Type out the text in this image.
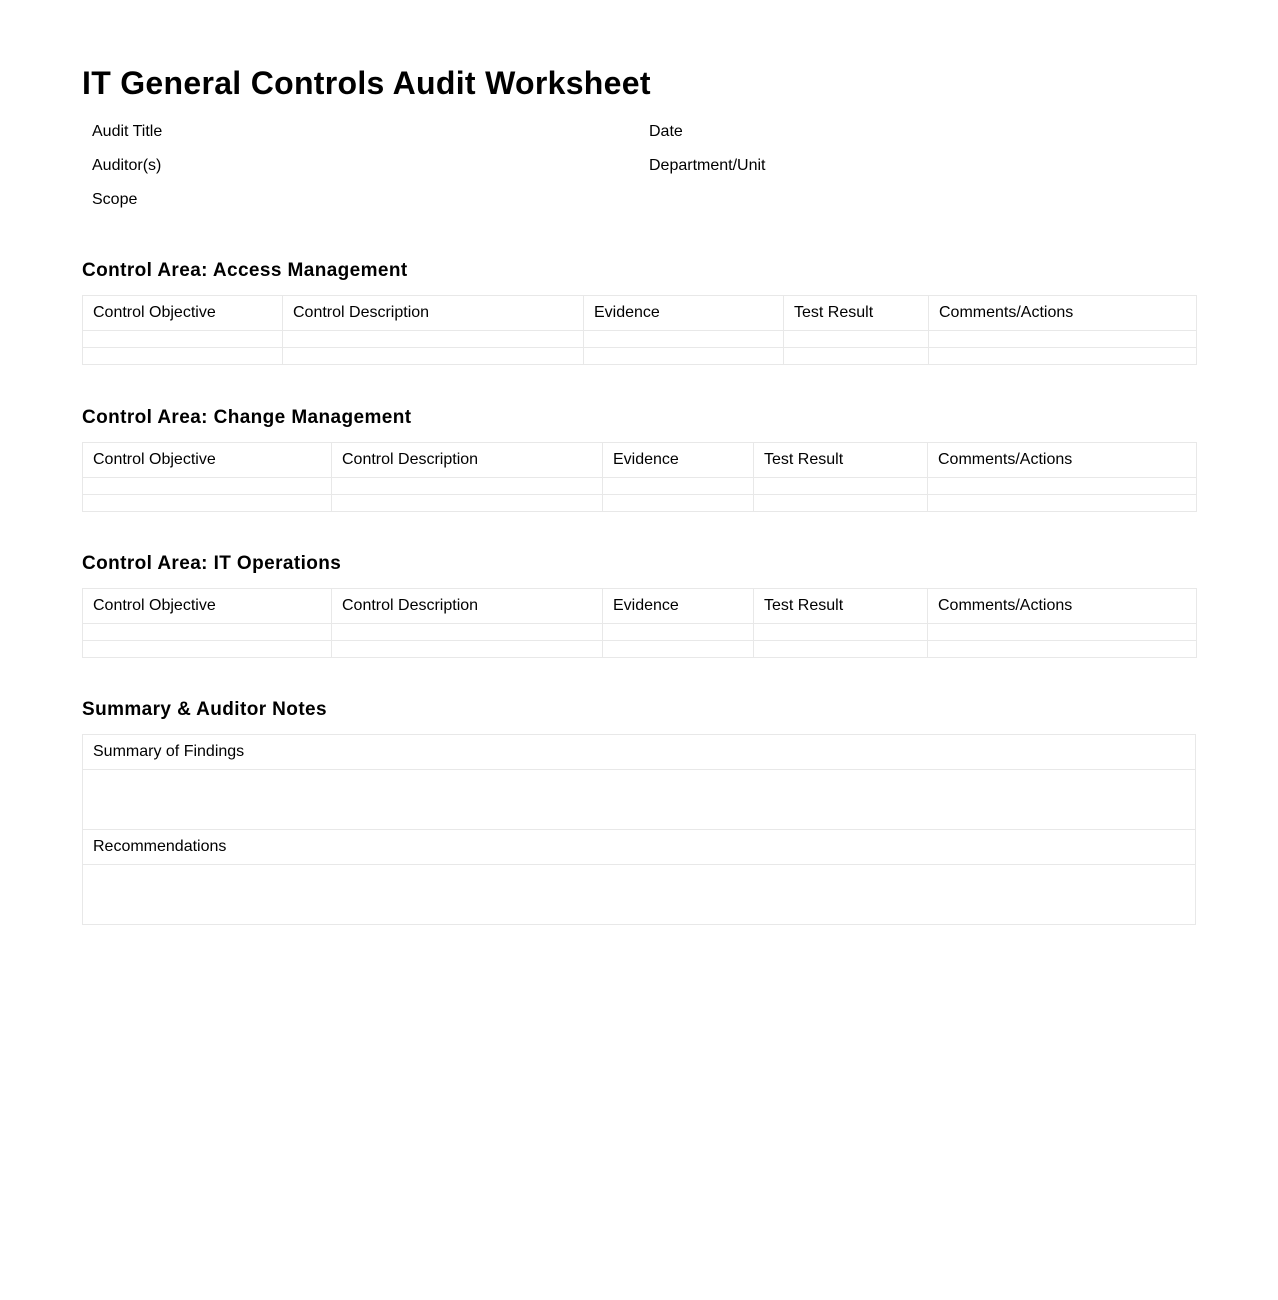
IT General Controls Audit Worksheet
Audit Title
Auditor(s)
Scope
Date
Department/Unit
Control Area: Access Management
Control Objective	Control Description	Evidence	Test Result	Comments/Actions

Control Area: Change Management
Control Objective	Control Description	Evidence	Test Result	Comments/Actions

Control Area: IT Operations
Control Objective	Control Description	Evidence	Test Result	Comments/Actions

Summary & Auditor Notes
Summary of Findings

Recommendations
